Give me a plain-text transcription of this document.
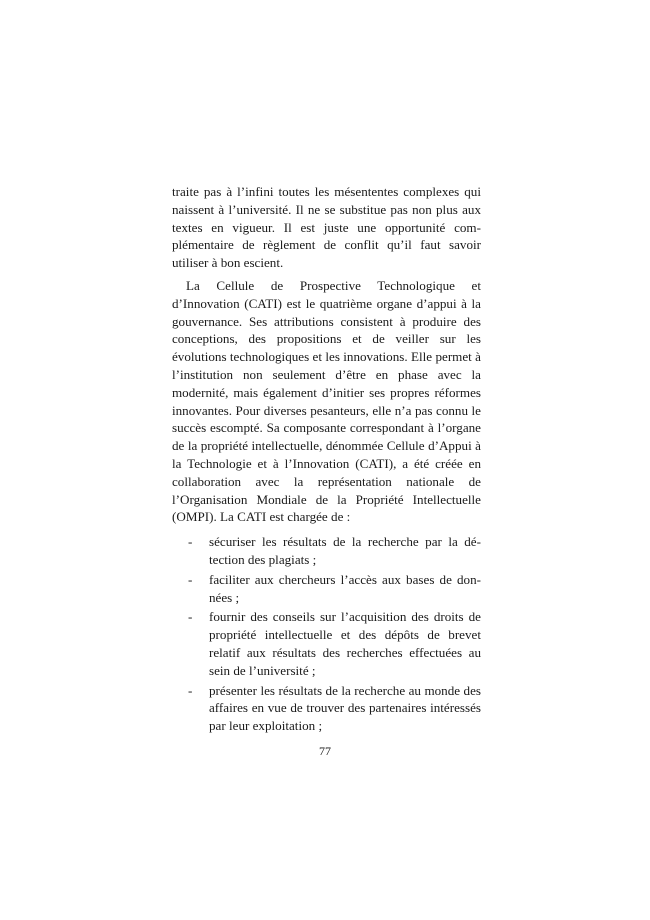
traite pas à l’infini toutes les mésententes complexes qui naissent à l’université. Il ne se substitue pas non plus aux textes en vigueur. Il est juste une opportunité complémentaire de règlement de conflit qu’il faut savoir utiliser à bon escient.

La Cellule de Prospective Technologique et d’Innovation (CATI) est le quatrième organe d’appui à la gouvernance. Ses attributions consistent à produire des conceptions, des propositions et de veiller sur les évolutions technologiques et les innovations. Elle permet à l’institution non seulement d’être en phase avec la modernité, mais également d’initier ses propres réformes innovantes. Pour diverses pesanteurs, elle n’a pas connu le succès escompté. Sa composante correspondant à l’organe de la propriété intellectuelle, dénommée Cellule d’Appui à la Technologie et à l’Innovation (CATI), a été créée en collaboration avec la représentation nationale de l’Organisation Mondiale de la Propriété Intellectuelle (OMPI). La CATI est chargée de :

- sécuriser les résultats de la recherche par la détection des plagiats ;
- faciliter aux chercheurs l’accès aux bases de données ;
- fournir des conseils sur l’acquisition des droits de propriété intellectuelle et des dépôts de brevet relatif aux résultats des recherches effectuées au sein de l’université ;
- présenter les résultats de la recherche au monde des affaires en vue de trouver des partenaires intéressés par leur exploitation ;
77
